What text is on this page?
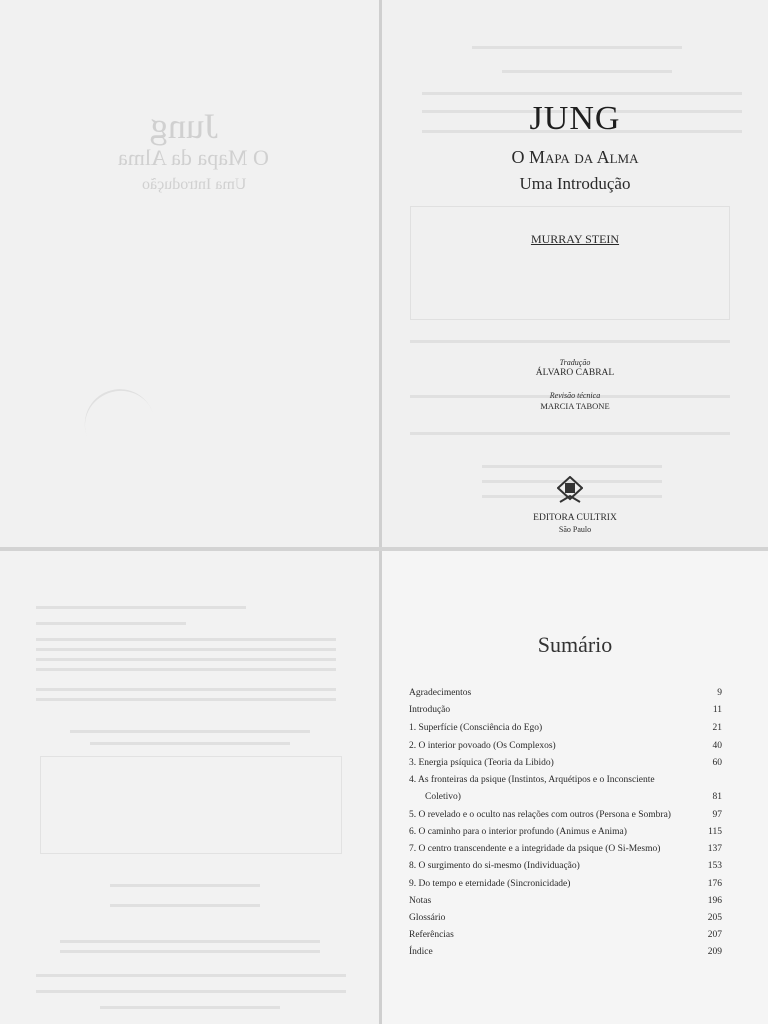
Jung
O Mapa da Alma
Uma Introdução
JUNG
O Mapa da Alma
Uma Introdução
MURRAY STEIN
Tradução
ÁLVARO CABRAL
Revisão técnica
MARCIA TABONE
EDITORA CULTRIX
São Paulo
Sumário
Agradecimentos	9
Introdução	11
1. Superfície (Consciência do Ego)	21
2. O interior povoado (Os Complexos)	40
3. Energia psíquica (Teoria da Libido)	60
4. As fronteiras da psique (Instintos, Arquétipos e o Inconsciente
Coletivo)	81
5. O revelado e o oculto nas relações com outros (Persona e Sombra)	97
6. O caminho para o interior profundo (Animus e Anima)	115
7. O centro transcendente e a integridade da psique (O Si-Mesmo)	137
8. O surgimento do si-mesmo (Individuação)	153
9. Do tempo e eternidade (Sincronicidade)	176
Notas	196
Glossário	205
Referências	207
Índice	209
